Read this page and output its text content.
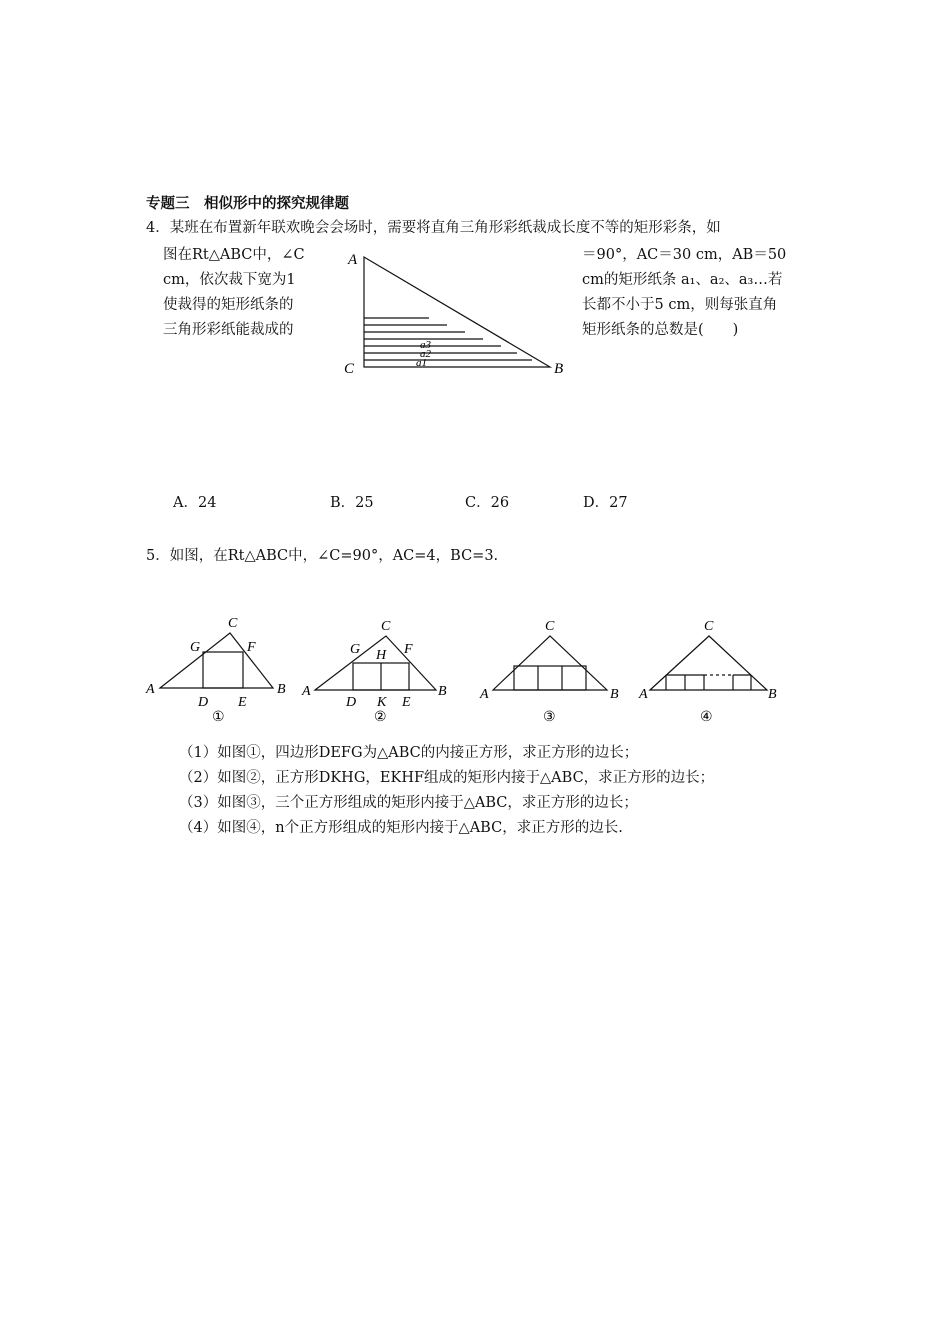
专题三　相似形中的探究规律题
4．某班在布置新年联欢晚会会场时，需要将直角三角形彩纸裁成长度不等的矩形彩条，如
图在Rt△ABC中，∠C
cm，依次裁下宽为1
使裁得的矩形纸条的
三角形彩纸能裁成的
＝90°，AC＝30 cm，AB＝50
cm的矩形纸条 a₁、a₂、a₃…若
长都不小于5 cm，则每张直角
矩形纸条的总数是(　　)
A
C	B
a3
a2
a1
A．24	B．25	C．26	D．27
5．如图，在Rt△ABC中，∠C=90°，AC=4，BC=3.
C
G	F
A	B
D E
①
C
G H F
A	B
D K E
②
C
A	B
③
C
A	B
④
（1）如图①，四边形DEFG为△ABC的内接正方形，求正方形的边长；
（2）如图②，正方形DKHG，EKHF组成的矩形内接于△ABC，求正方形的边长；
（3）如图③，三个正方形组成的矩形内接于△ABC，求正方形的边长；
（4）如图④，n个正方形组成的矩形内接于△ABC，求正方形的边长.
